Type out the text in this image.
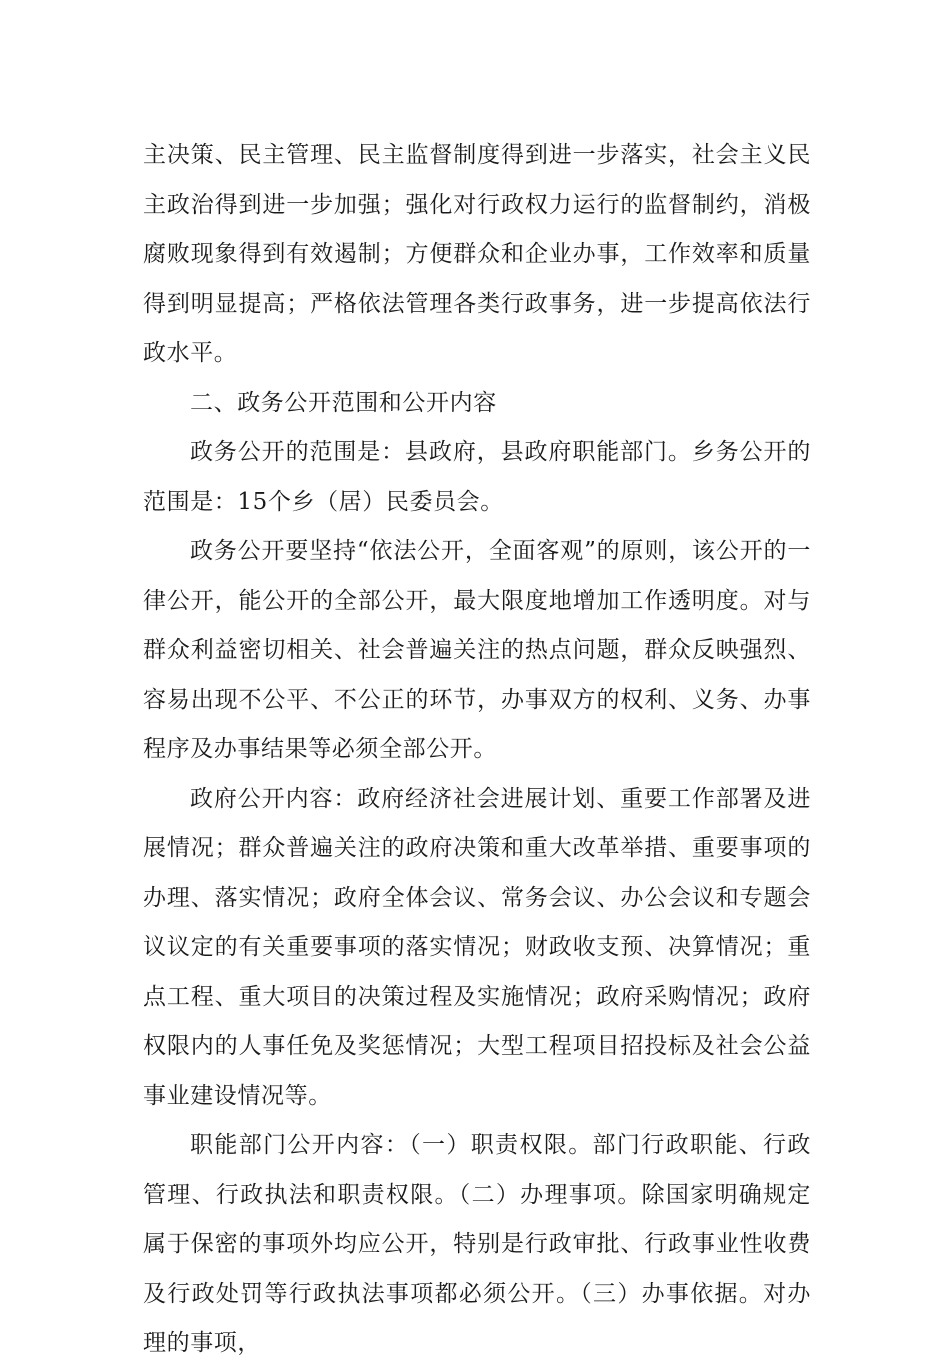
主决策、民主管理、民主监督制度得到进一步落实，社会主义民主政治得到进一步加强；强化对行政权力运行的监督制约，消极腐败现象得到有效遏制；方便群众和企业办事，工作效率和质量得到明显提高；严格依法管理各类行政事务，进一步提高依法行政水平。

二、政务公开范围和公开内容

政务公开的范围是：县政府，县政府职能部门。乡务公开的范围是：15个乡（居）民委员会。

政务公开要坚持“依法公开，全面客观”的原则，该公开的一律公开，能公开的全部公开，最大限度地增加工作透明度。对与群众利益密切相关、社会普遍关注的热点问题，群众反映强烈、容易出现不公平、不公正的环节，办事双方的权利、义务、办事程序及办事结果等必须全部公开。

政府公开内容：政府经济社会进展计划、重要工作部署及进展情况；群众普遍关注的政府决策和重大改革举措、重要事项的办理、落实情况；政府全体会议、常务会议、办公会议和专题会议议定的有关重要事项的落实情况；财政收支预、决算情况；重点工程、重大项目的决策过程及实施情况；政府采购情况；政府权限内的人事任免及奖惩情况；大型工程项目招投标及社会公益事业建设情况等。

职能部门公开内容：（一）职责权限。部门行政职能、行政管理、行政执法和职责权限。（二）办理事项。除国家明确规定属于保密的事项外均应公开，特别是行政审批、行政事业性收费及行政处罚等行政执法事项都必须公开。（三）办事依据。对办理的事项，
